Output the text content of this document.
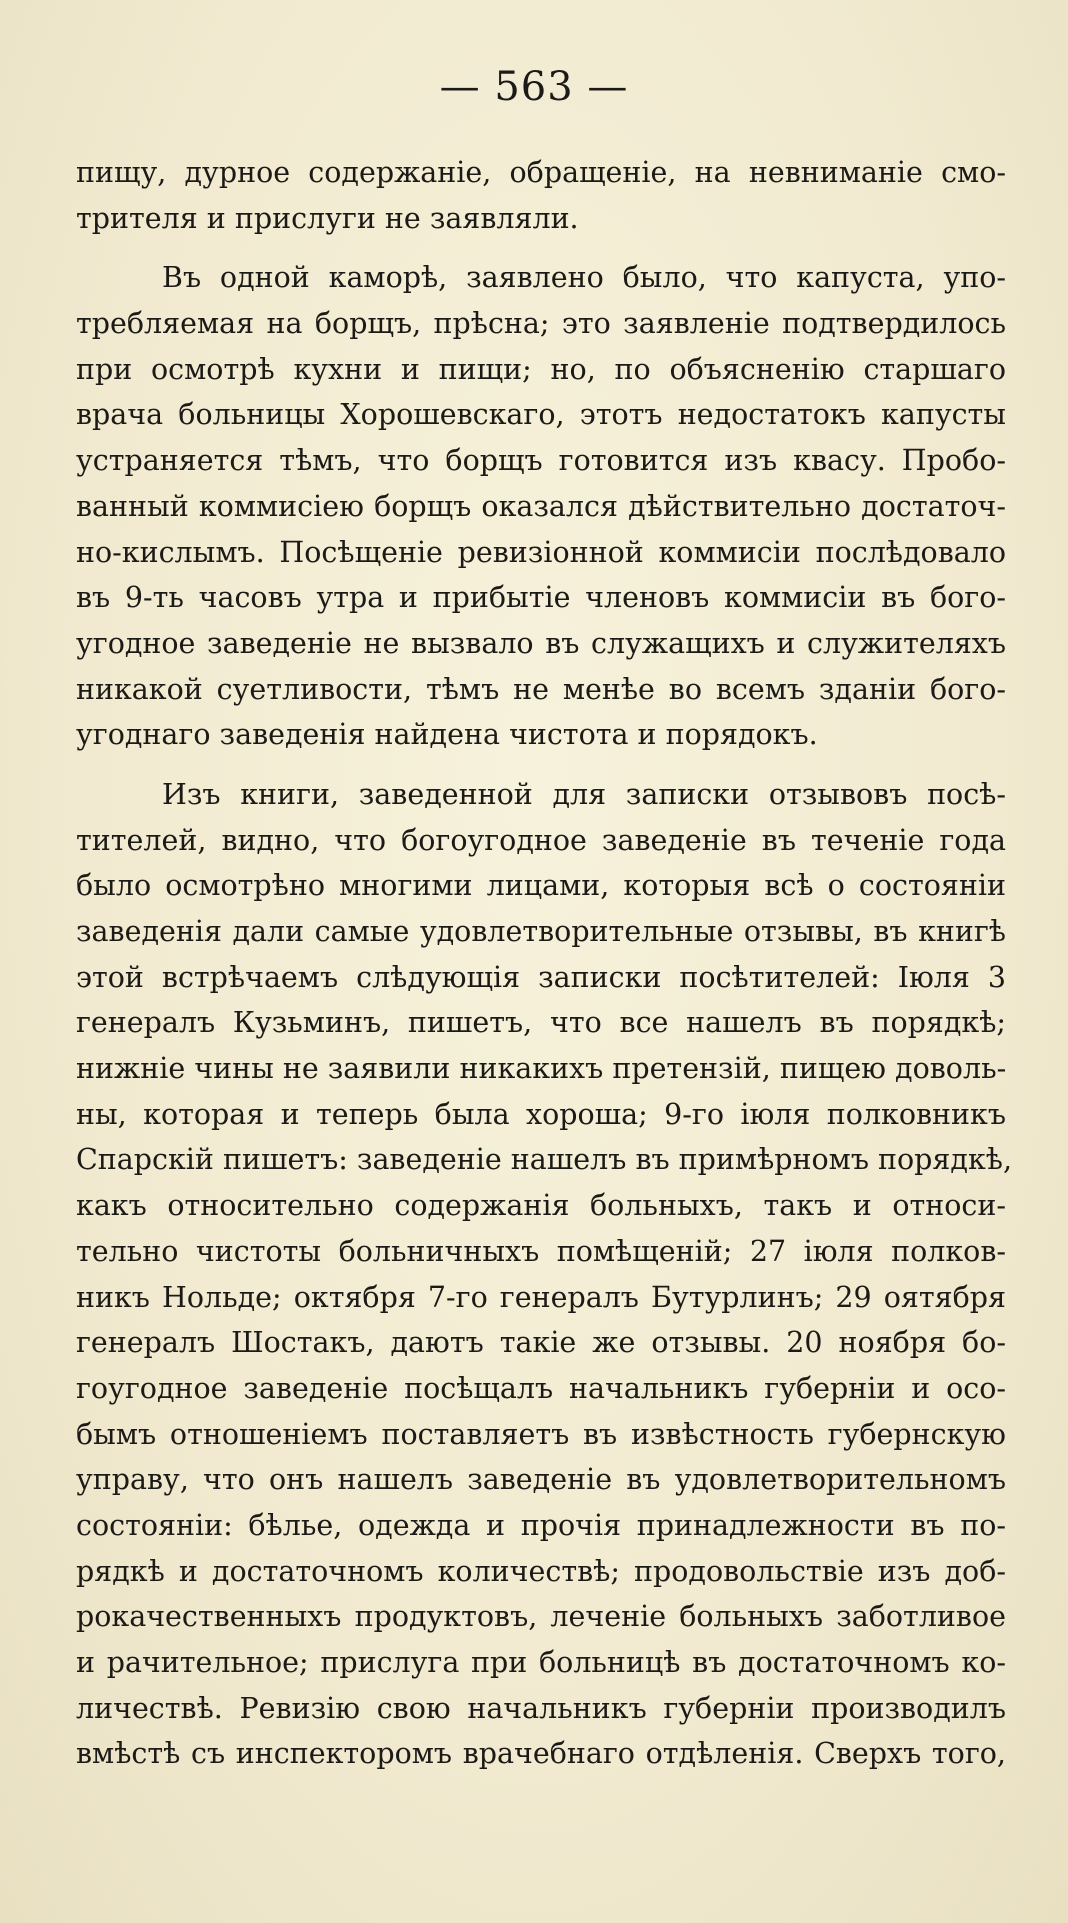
— 563 —
пищу, дурное содержанiе, обращенiе, на невниманiе смо-
трителя и прислуги не заявляли.
Въ одной каморѣ, заявлено было, что капуста, упо-
требляемая на борщъ, прѣсна; это заявленiе подтвердилось
при осмотрѣ кухни и пищи; но, по объясненiю старшаго
врача больницы Хорошевскаго, этотъ недостатокъ капусты
устраняется тѣмъ, что борщъ готовится изъ квасу. Пробо-
ванный коммисiею борщъ оказался дѣйствительно достаточ-
но-кислымъ. Посѣщенiе ревизiонной коммисiи послѣдовало
въ 9-ть часовъ утра и прибытiе членовъ коммисiи въ бого-
угодное заведенiе не вызвало въ служащихъ и служителяхъ
никакой суетливости, тѣмъ не менѣе во всемъ зданiи бого-
угоднаго заведенiя найдена чистота и порядокъ.
Изъ книги, заведенной для записки отзывовъ посѣ-
тителей, видно, что богоугодное заведенiе въ теченiе года
было осмотрѣно многими лицами, которыя всѣ о состоянiи
заведенiя дали самые удовлетворительные отзывы, въ книгѣ
этой встрѣчаемъ слѣдующiя записки посѣтителей: Iюля 3
генералъ Кузьминъ, пишетъ, что все нашелъ въ порядкѣ;
нижнiе чины не заявили никакихъ претензiй, пищею доволь-
ны, которая и теперь была хороша; 9-го iюля полковникъ
Спарскiй пишетъ: заведенiе нашелъ въ примѣрномъ порядкѣ,
какъ относительно содержанiя больныхъ, такъ и относи-
тельно чистоты больничныхъ помѣщенiй; 27 iюля полков-
никъ Нольде; октября 7-го генералъ Бутурлинъ; 29 оятября
генералъ Шостакъ, даютъ такiе же отзывы. 20 ноября бо-
гоугодное заведенiе посѣщалъ начальникъ губернiи и осо-
бымъ отношенiемъ поставляетъ въ извѣстность губернскую
управу, что онъ нашелъ заведенiе въ удовлетворительномъ
состоянiи: бѣлье, одежда и прочiя принадлежности въ по-
рядкѣ и достаточномъ количествѣ; продовольствiе изъ доб-
рокачественныхъ продуктовъ, леченiе больныхъ заботливое
и рачительное; прислуга при больницѣ въ достаточномъ ко-
личествѣ. Ревизiю свою начальникъ губернiи производилъ
вмѣстѣ съ инспекторомъ врачебнаго отдѣленiя. Сверхъ того,
